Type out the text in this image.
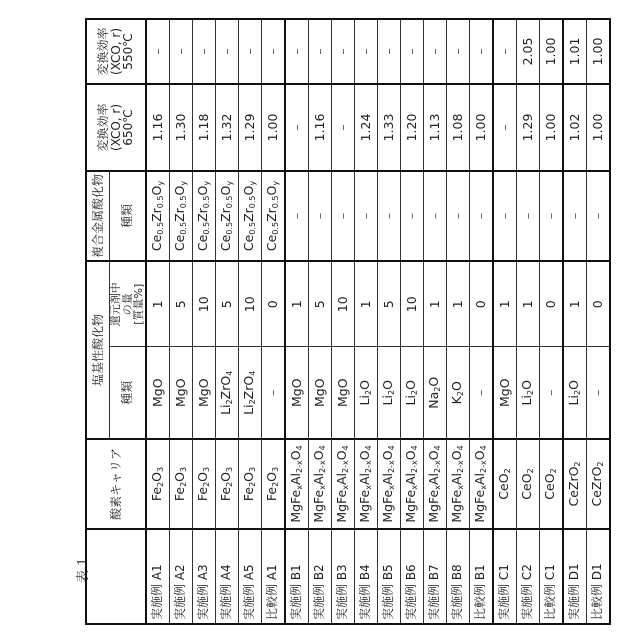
表 1
	酸素キャリア	塩基性酸化物	複合金属酸化物	
変換効率
(XCO, r)
650℃

変換効率
(XCO, r)
550℃

種類	
還元剤中
の量
[質量%]
	種類
実施例 A1	Fe2O3	MgO	1	Ce0.5Zr0.5Oy	1.16	–
実施例 A2	Fe2O3	MgO	5	Ce0.5Zr0.5Oy	1.30	–
実施例 A3	Fe2O3	MgO	10	Ce0.5Zr0.5Oy	1.18	–
実施例 A4	Fe2O3	Li2ZrO4	5	Ce0.5Zr0.5Oy	1.32	–
実施例 A5	Fe2O3	Li2ZrO4	10	Ce0.5Zr0.5Oy	1.29	–
比較例 A1	Fe2O3	–	0	Ce0.5Zr0.5Oy	1.00	–
実施例 B1	MgFexAl2-xO4	MgO	1	–	–	–
実施例 B2	MgFexAl2-xO4	MgO	5	–	1.16	–
実施例 B3	MgFexAl2-xO4	MgO	10	–	–	–
実施例 B4	MgFexAl2-xO4	Li2O	1	–	1.24	–
実施例 B5	MgFexAl2-xO4	Li2O	5	–	1.33	–
実施例 B6	MgFexAl2-xO4	Li2O	10	–	1.20	–
実施例 B7	MgFexAl2-xO4	Na2O	1	–	1.13	–
実施例 B8	MgFexAl2-xO4	K2O	1	–	1.08	–
比較例 B1	MgFexAl2-xO4	–	0	–	1.00	–
実施例 C1	CeO2	MgO	1	–	–	–
実施例 C2	CeO2	Li2O	1	–	1.29	2.05
比較例 C1	CeO2	–	0	–	1.00	1.00
実施例 D1	CeZrO2	Li2O	1	–	1.02	1.01
比較例 D1	CeZrO2	–	0	–	1.00	1.00
